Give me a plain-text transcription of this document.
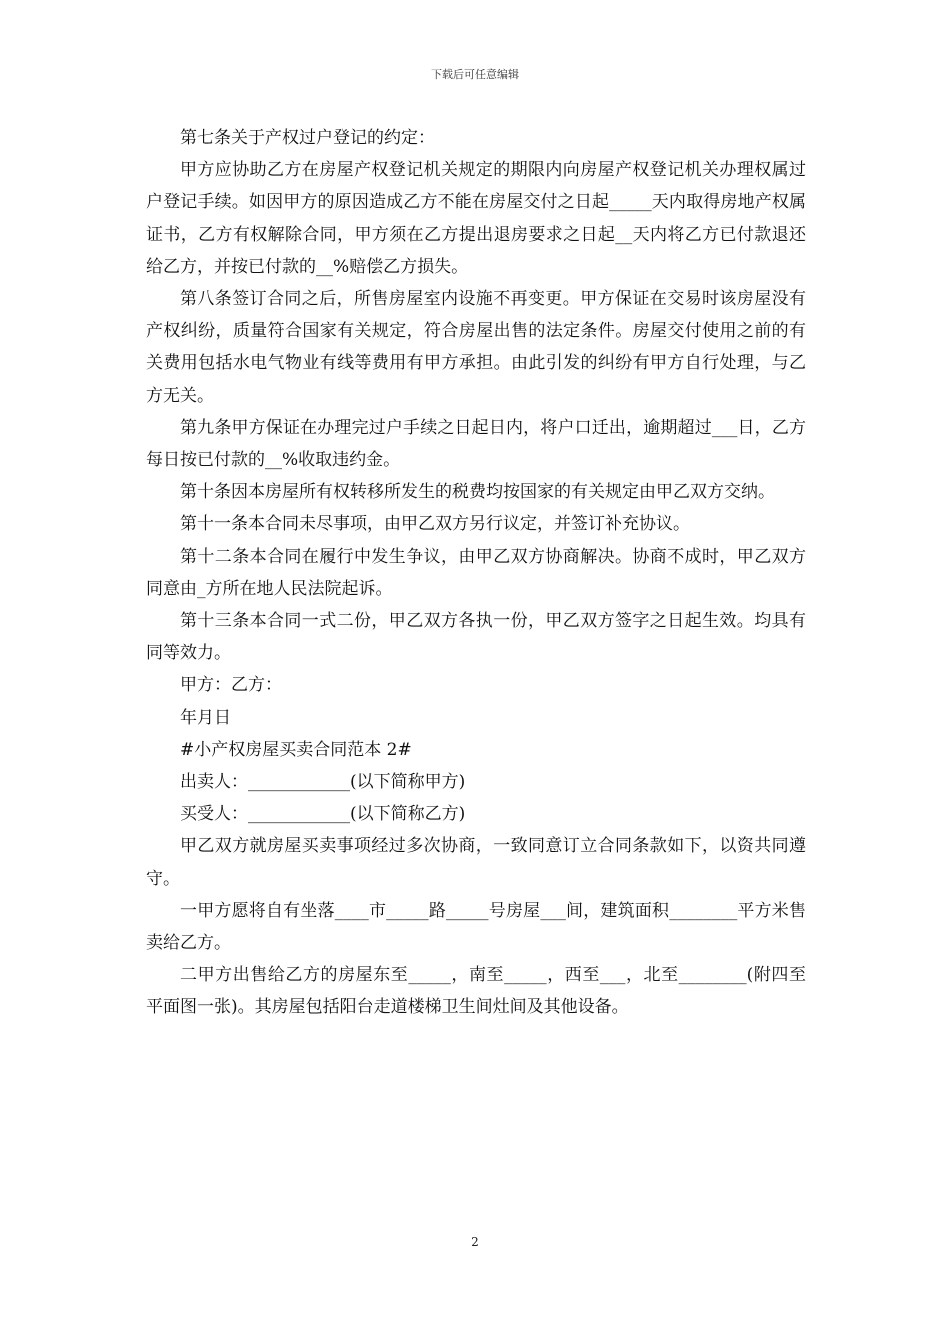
下载后可任意编辑

第七条关于产权过户登记的约定：

甲方应协助乙方在房屋产权登记机关规定的期限内向房屋产权登记机关办理权属过户登记手续。如因甲方的原因造成乙方不能在房屋交付之日起_____天内取得房地产权属证书，乙方有权解除合同，甲方须在乙方提出退房要求之日起__天内将乙方已付款退还给乙方，并按已付款的__%赔偿乙方损失。

第八条签订合同之后，所售房屋室内设施不再变更。甲方保证在交易时该房屋没有产权纠纷，质量符合国家有关规定，符合房屋出售的法定条件。房屋交付使用之前的有关费用包括水电气物业有线等费用有甲方承担。由此引发的纠纷有甲方自行处理，与乙方无关。

第九条甲方保证在办理完过户手续之日起日内，将户口迁出，逾期超过___日，乙方每日按已付款的__%收取违约金。

第十条因本房屋所有权转移所发生的税费均按国家的有关规定由甲乙双方交纳。

第十一条本合同未尽事项，由甲乙双方另行议定，并签订补充协议。

第十二条本合同在履行中发生争议，由甲乙双方协商解决。协商不成时，甲乙双方同意由_方所在地人民法院起诉。

第十三条本合同一式二份，甲乙双方各执一份，甲乙双方签字之日起生效。均具有同等效力。

甲方：乙方：

年月日

#小产权房屋买卖合同范本 2#

出卖人：____________(以下简称甲方)

买受人：____________(以下简称乙方)

甲乙双方就房屋买卖事项经过多次协商，一致同意订立合同条款如下，以资共同遵守。

一甲方愿将自有坐落____市_____路_____号房屋___间，建筑面积________平方米售卖给乙方。

二甲方出售给乙方的房屋东至_____，南至_____，西至___，北至________(附四至平面图一张)。其房屋包括阳台走道楼梯卫生间灶间及其他设备。

2
